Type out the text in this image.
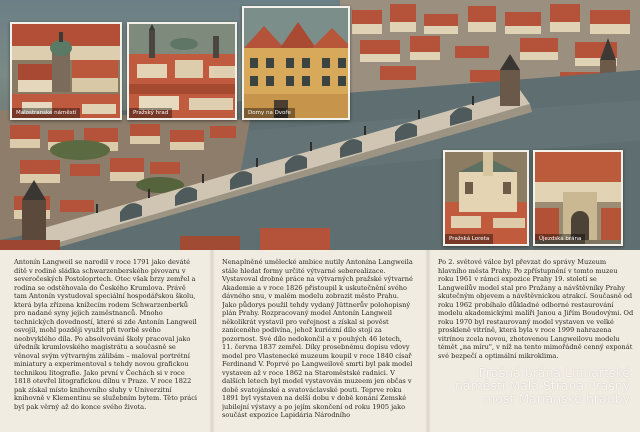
Malostranské náměstí	Pražský hrad	Domy na Dvoře
Pražská Loreta	Újezdská brána
Antonín Langweil se narodil v roce 1791 jako deváté dítě v rodině sládka schwarzenberského pivovaru v severočeských Postoloprtech. Otec však brzy zemřel a rodina se odstěhovala do Českého Krumlova. Právě tam Antonín vystudoval speciální hospodářskou školu, která byla zřízena knížecím rodem Schwarzenberků pro nadané syny jejich zaměstnanců. Mnoho technických dovedností, které si zde Antonín Langweil osvojil, mohl později využít při tvorbě svého neobvyklého díla. Po absolvování školy pracoval jako úředník krumlovského magistrátu a současně se věnoval svým výtvarným zálibám – maloval portrétní miniatury a experimentoval s tehdy novou grafickou technikou litografie. Jako první v Čechách si v roce 1818 otevřel litografickou dílnu v Praze. V roce 1822 pak získal místo knihovního sluhy v Univerzitní knihovně v Klementinu se služebním bytem. Těto práci byl pak věrný až do konce svého života.
Nenaplněné umělecké ambice nutily Antonína Langweila stále hledat formy určité výtvarné seberealizace. Vystavoval drobné práce na výtvarných pražské výtvarné Akademie a v roce 1826 přistoupil k uskutečnění svého dávného snu, v malém modelu zobrazit město Prahu. Jako půdorys použil tehdy vydaný Jüttnerův polohopisný plán Prahy. Rozpracovaný model Antonín Langweil několikrát vystavil pro veřejnost a získal si pověst zaníceného podivína, jehož kuriózní dílo stojí za pozornost. Své dílo nedokončil a v pouhých 46 letech, 11. června 1837 zemřel. Díky prosebnému dopisu vdovy model pro Vlastenecké muzeum koupil v roce 1840 císař Ferdinand V. Poprvé po Langweilově smrti byl pak model vystaven až v roce 1862 na Staroměstské radnici. V dalších letech byl model vystavován muzeem jen občas v době svatojánské a svatováclavské pouti. Teprve roku 1891 byl vystaven na delší dobu v době konání Zemské jubilejní výstavy a po jejím skončení od roku 1905 jako součást expozice Lapidária Národního
Po 2. světové válce byl převzat do správy Muzeum hlavního města Prahy. Po zpřístupnění v tomto muzeu roku 1961 v rámci expozice Prahy 19. století se Langweilův model stal pro Pražany a návštěvníky Prahy skutečným objevem a návštěvnickou atrakcí. Současně od roku 1962 probíhalo důkladné odborné restaurování modelu akademickými malíři Janou a Jiřím Boudovými. Od roku 1970 byl restaurovaný model vystaven ve velké proskleně vitríně, která byla v roce 1999 nahrazena vitrínou zcela novou, zhotovenou Langweilovu modelu témět „na míru", v níž na tento mimořádně cenný exponát své bezpečí a optimální mikroklima.
Prašná brána Linhartské
náměstí Malá Strana Prašný
most Mariánské hradby
